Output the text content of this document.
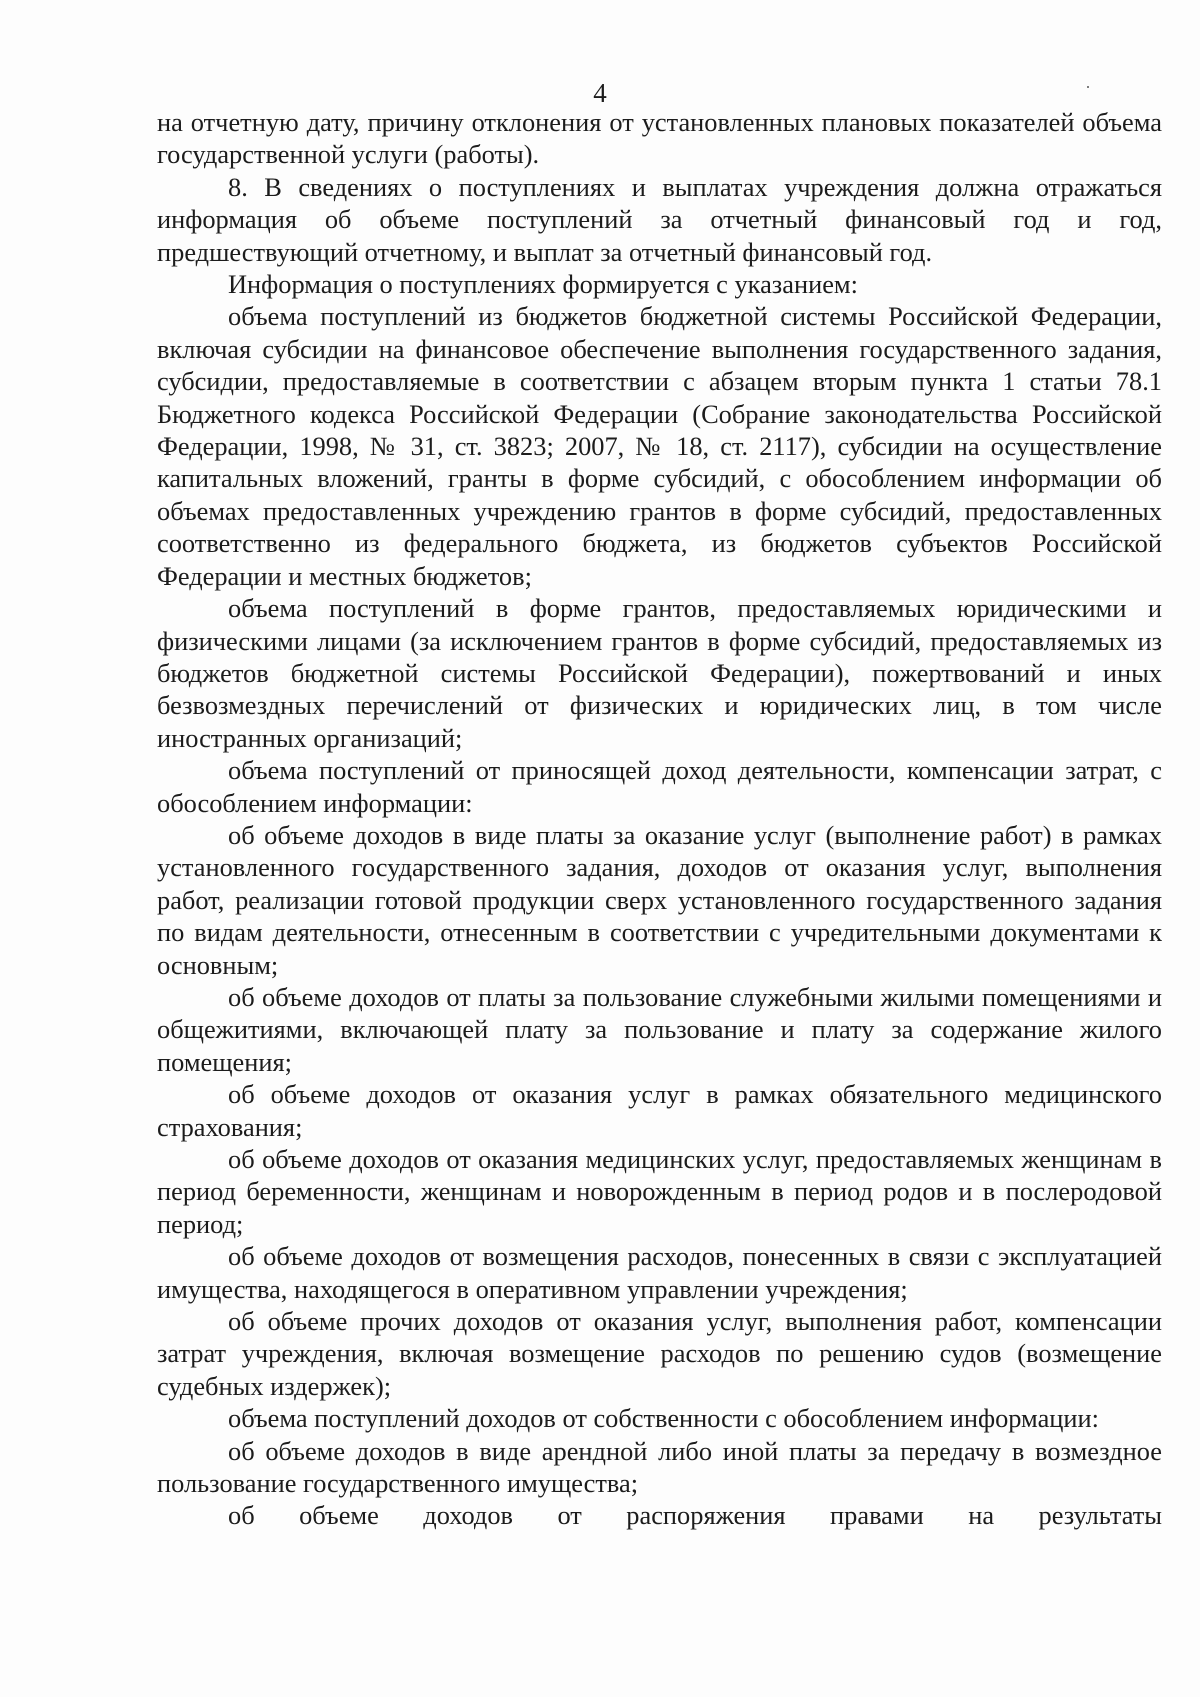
4

на отчетную дату, причину отклонения от установленных плановых показателей объема государственной услуги (работы).

8. В сведениях о поступлениях и выплатах учреждения должна отражаться информация об объеме поступлений за отчетный финансовый год и год, предшествующий отчетному, и выплат за отчетный финансовый год.

Информация о поступлениях формируется с указанием:

объема поступлений из бюджетов бюджетной системы Российской Федерации, включая субсидии на финансовое обеспечение выполнения государственного задания, субсидии, предоставляемые в соответствии с абзацем вторым пункта 1 статьи 78.1 Бюджетного кодекса Российской Федерации (Собрание законодательства Российской Федерации, 1998, № 31, ст. 3823; 2007, № 18, ст. 2117), субсидии на осуществление капитальных вложений, гранты в форме субсидий, с обособлением информации об объемах предоставленных учреждению грантов в форме субсидий, предоставленных соответственно из федерального бюджета, из бюджетов субъектов Российской Федерации и местных бюджетов;

объема поступлений в форме грантов, предоставляемых юридическими и физическими лицами (за исключением грантов в форме субсидий, предоставляемых из бюджетов бюджетной системы Российской Федерации), пожертвований и иных безвозмездных перечислений от физических и юридических лиц, в том числе иностранных организаций;

объема поступлений от приносящей доход деятельности, компенсации затрат, с обособлением информации:

об объеме доходов в виде платы за оказание услуг (выполнение работ) в рамках установленного государственного задания, доходов от оказания услуг, выполнения работ, реализации готовой продукции сверх установленного государственного задания по видам деятельности, отнесенным в соответствии с учредительными документами к основным;

об объеме доходов от платы за пользование служебными жилыми помещениями и общежитиями, включающей плату за пользование и плату за содержание жилого помещения;

об объеме доходов от оказания услуг в рамках обязательного медицинского страхования;

об объеме доходов от оказания медицинских услуг, предоставляемых женщинам в период беременности, женщинам и новорожденным в период родов и в послеродовой период;

об объеме доходов от возмещения расходов, понесенных в связи с эксплуатацией имущества, находящегося в оперативном управлении учреждения;

об объеме прочих доходов от оказания услуг, выполнения работ, компенсации затрат учреждения, включая возмещение расходов по решению судов (возмещение судебных издержек);

объема поступлений доходов от собственности с обособлением информации:

об объеме доходов в виде арендной либо иной платы за передачу в возмездное пользование государственного имущества;

об объеме доходов от распоряжения правами на результаты
